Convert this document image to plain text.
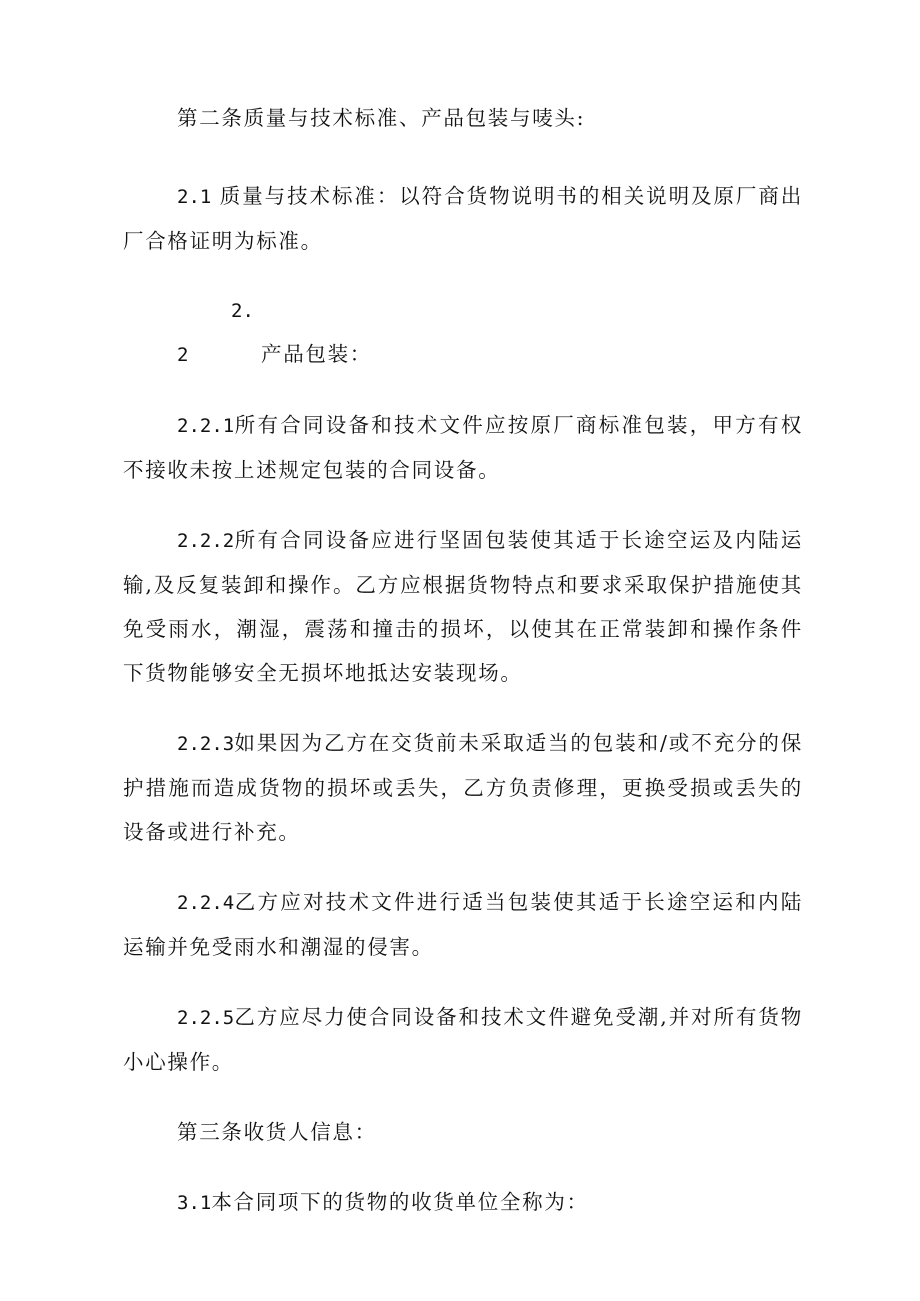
第二条质量与技术标准、产品包装与唛头:

2.1 质量与技术标准：以符合货物说明书的相关说明及原厂商出厂合格证明为标准。

2.2	产品包装：

2.2.1所有合同设备和技术文件应按原厂商标准包装，甲方有权不接收未按上述规定包装的合同设备。

2.2.2所有合同设备应进行坚固包装使其适于长途空运及内陆运输,及反复装卸和操作。乙方应根据货物特点和要求采取保护措施使其免受雨水，潮湿，震荡和撞击的损坏，以使其在正常装卸和操作条件下货物能够安全无损坏地抵达安装现场。

2.2.3如果因为乙方在交货前未采取适当的包装和/或不充分的保护措施而造成货物的损坏或丢失，乙方负责修理，更换受损或丢失的设备或进行补充。

2.2.4乙方应对技术文件进行适当包装使其适于长途空运和内陆运输并免受雨水和潮湿的侵害。

2.2.5乙方应尽力使合同设备和技术文件避免受潮,并对所有货物小心操作。

第三条收货人信息：

3.1本合同项下的货物的收货单位全称为：
